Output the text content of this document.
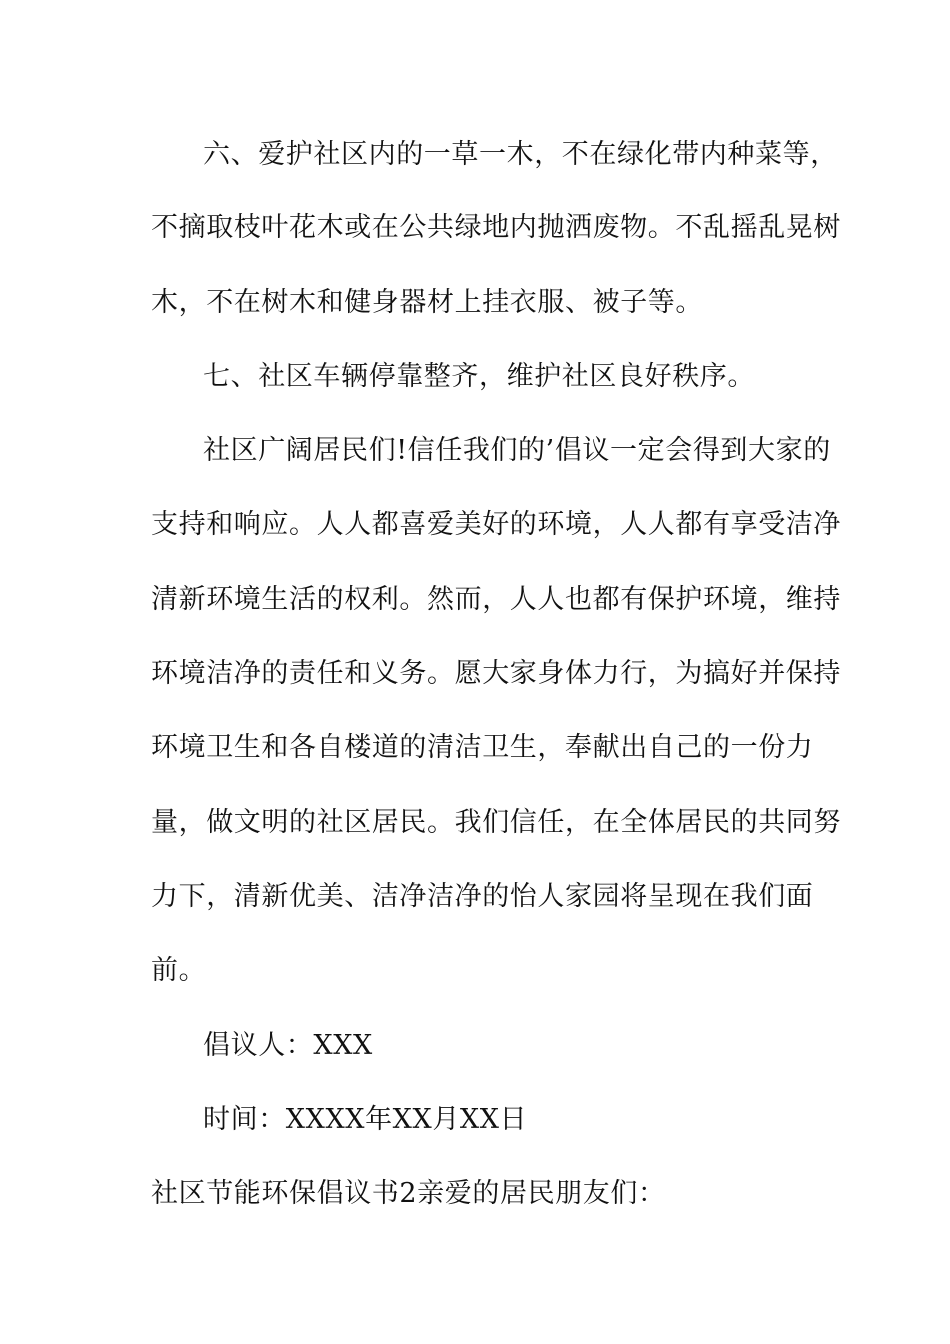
六、爱护社区内的一草一木，不在绿化带内种菜等，

不摘取枝叶花木或在公共绿地内抛洒废物。不乱摇乱晃树

木，不在树木和健身器材上挂衣服、被子等。

七、社区车辆停靠整齐，维护社区良好秩序。

社区广阔居民们!信任我们的’倡议一定会得到大家的

支持和响应。人人都喜爱美好的环境，人人都有享受洁净

清新环境生活的权利。然而，人人也都有保护环境，维持

环境洁净的责任和义务。愿大家身体力行，为搞好并保持

环境卫生和各自楼道的清洁卫生，奉献出自己的一份力

量，做文明的社区居民。我们信任，在全体居民的共同努

力下，清新优美、洁净洁净的怡人家园将呈现在我们面

前。

倡议人：XXX

时间：XXXX年XX月XX日

社区节能环保倡议书2亲爱的居民朋友们：
